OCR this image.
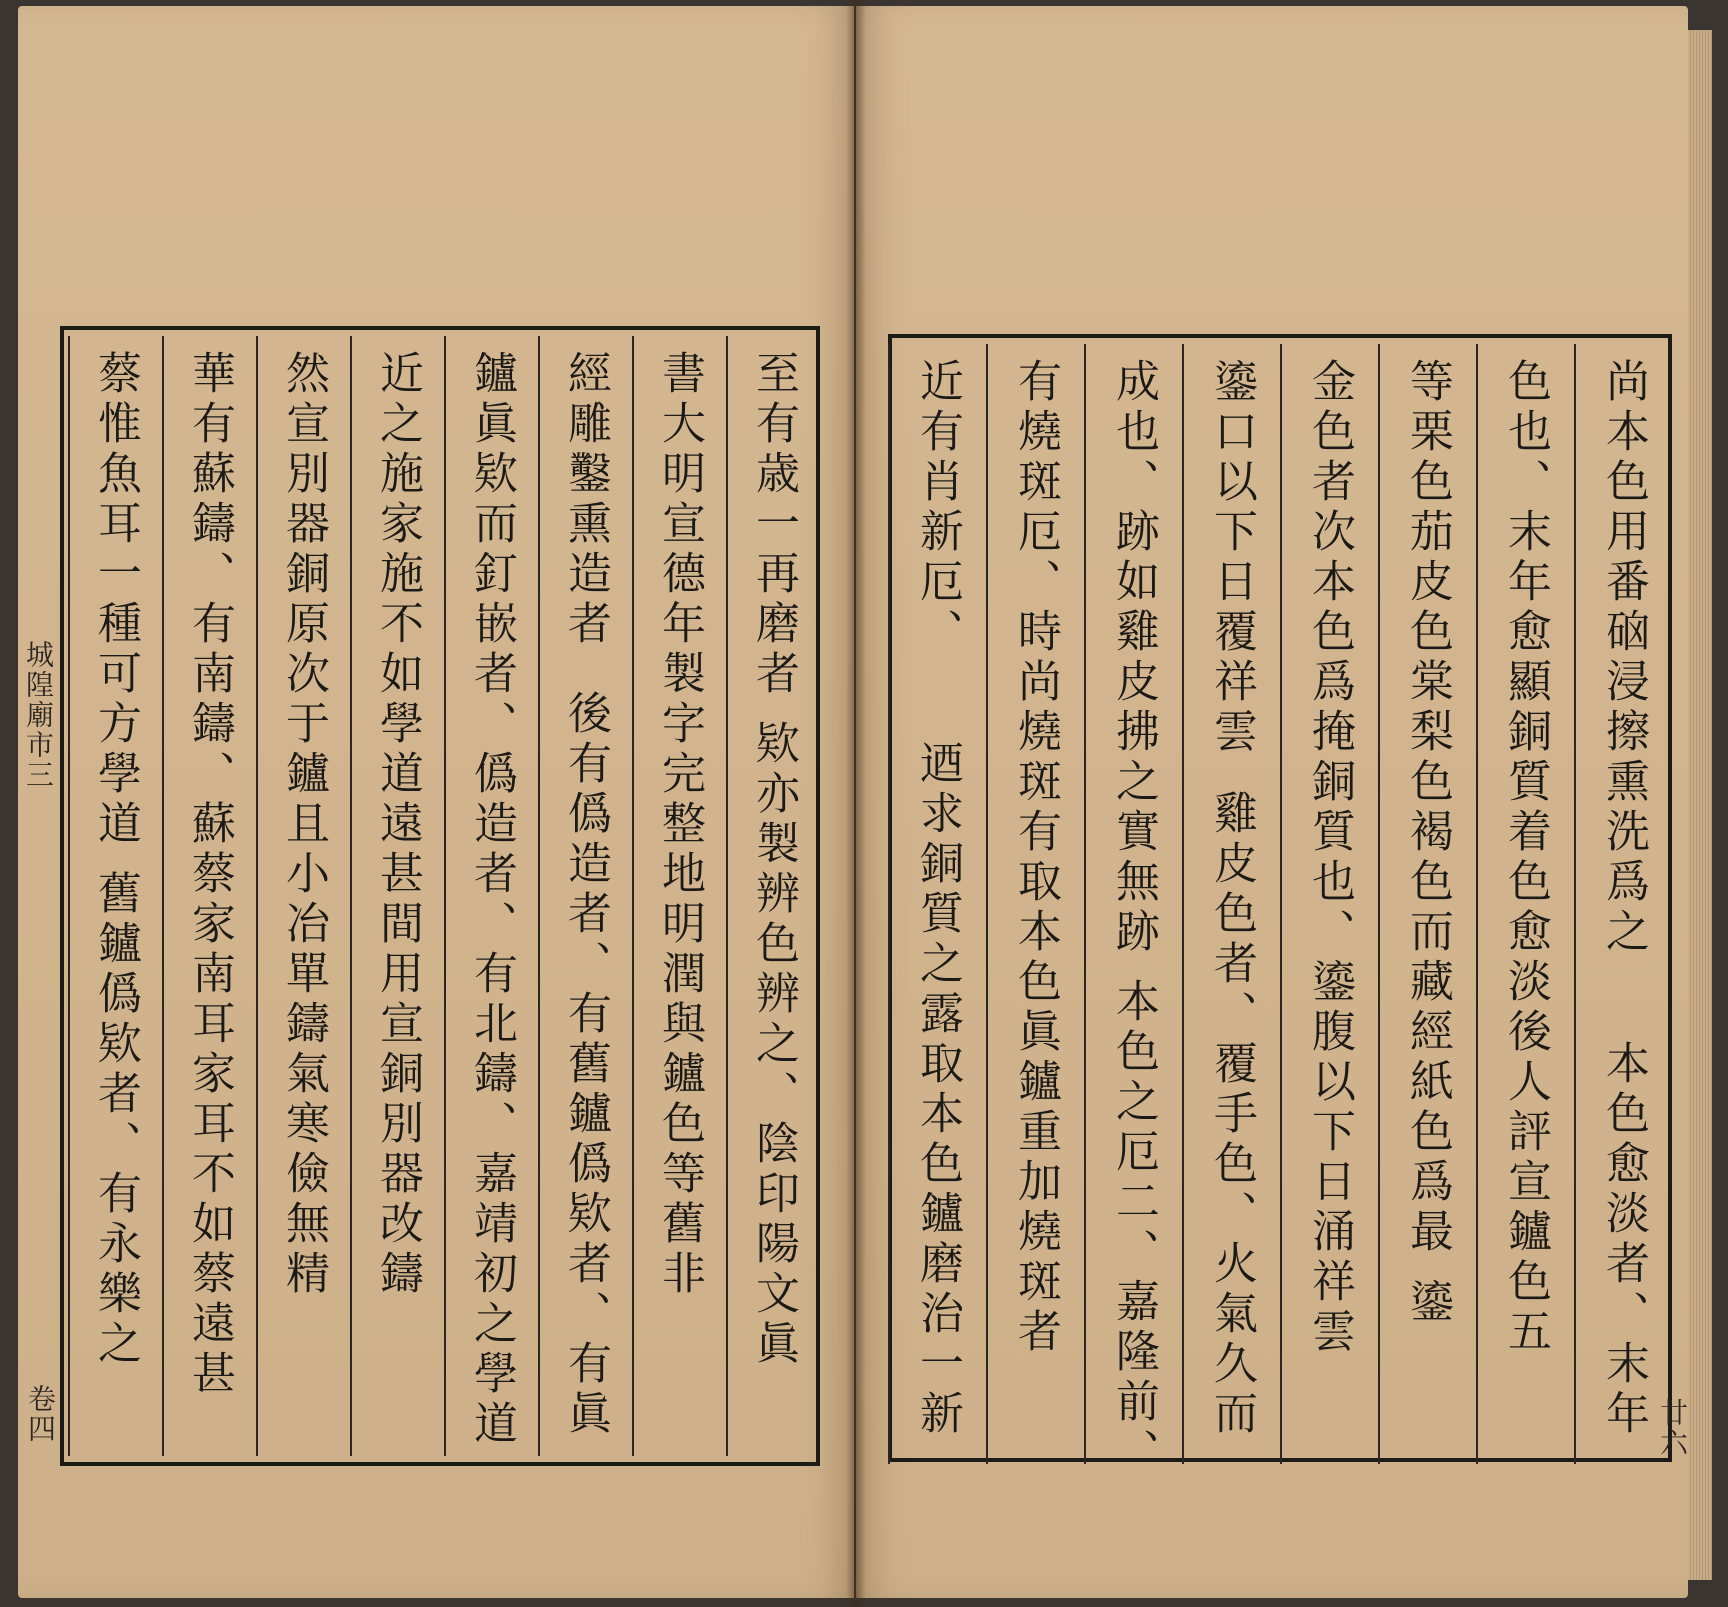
至有歳一再磨者
欵亦製辨色辨之、陰印陽文眞
書大明宣德年製字完整地明潤與鑪色等舊非
經雕鑿熏造者
後有僞造者、有舊鑪僞欵者、有眞
鑪眞欵而釘嵌者、僞造者、有北鑄、嘉靖初之學道
近之施家施不如學道遠甚間用宣銅別器改鑄
然宣別器銅原次于鑪且小冶單鑄氣寒儉無精
華有蘇鑄、有南鑄、蘇蔡家南耳家耳不如蔡遠甚
蔡惟魚耳一種可方學道
舊鑪僞欵者、有永樂之
尚本色用番硇浸擦熏洗爲之
本色愈淡者、末年
色也、末年愈顯銅質着色愈淡後人評宣鑪色五
等栗色茄皮色棠梨色褐色而藏經紙色爲最
鎏
金色者次本色爲掩銅質也、鎏腹以下日涌祥雲
鎏口以下日覆祥雲
雞皮色者、覆手色、火氣久而
成也、跡如雞皮拂之實無跡
本色之厄二、嘉隆前、
有燒斑厄、時尚燒斑有取本色眞鑪重加燒斑者
近有肖新厄、
迺求銅質之露取本色鑪磨治一新
城隍廟市三
卷四	廿六
